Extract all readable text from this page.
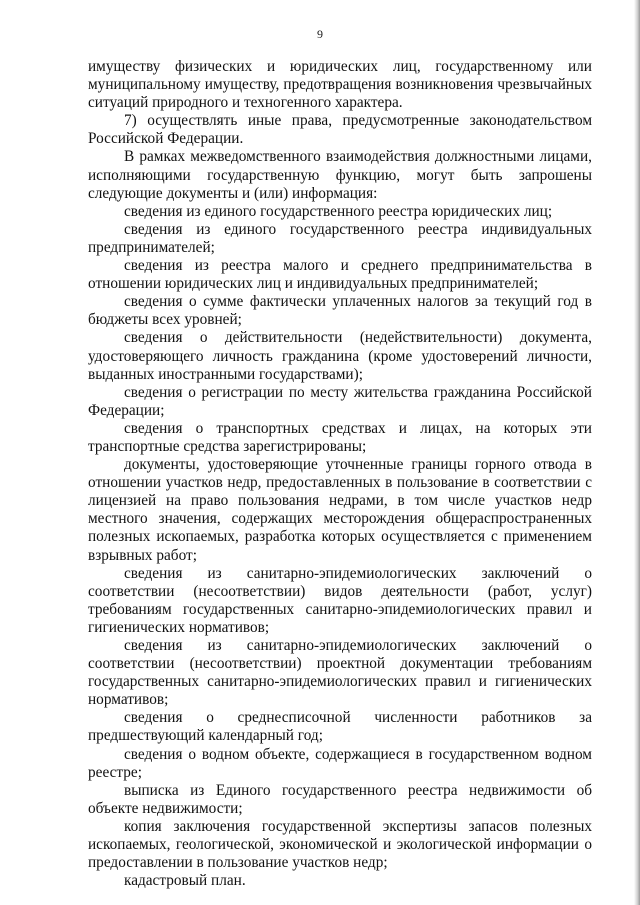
9

имуществу физических и юридических лиц, государственному или муниципальному имуществу, предотвращения возникновения чрезвычайных ситуаций природного и техногенного характера.

7) осуществлять иные права, предусмотренные законодательством Российской Федерации.

В рамках межведомственного взаимодействия должностными лицами, исполняющими государственную функцию, могут быть запрошены следующие документы и (или) информация:

сведения из единого государственного реестра юридических лиц;

сведения из единого государственного реестра индивидуальных предпринимателей;

сведения из реестра малого и среднего предпринимательства в отношении юридических лиц и индивидуальных предпринимателей;

сведения о сумме фактически уплаченных налогов за текущий год в бюджеты всех уровней;

сведения о действительности (недействительности) документа, удостоверяющего личность гражданина (кроме удостоверений личности, выданных иностранными государствами);

сведения о регистрации по месту жительства гражданина Российской Федерации;

сведения о транспортных средствах и лицах, на которых эти транспортные средства зарегистрированы;

документы, удостоверяющие уточненные границы горного отвода в отношении участков недр, предоставленных в пользование в соответствии с лицензией на право пользования недрами, в том числе участков недр местного значения, содержащих месторождения общераспространенных полезных ископаемых, разработка которых осуществляется с применением взрывных работ;

сведения из санитарно-эпидемиологических заключений о соответствии (несоответствии) видов деятельности (работ, услуг) требованиям государственных санитарно-эпидемиологических правил и гигиенических нормативов;

сведения из санитарно-эпидемиологических заключений о соответствии (несоответствии) проектной документации требованиям государственных санитарно-эпидемиологических правил и гигиенических нормативов;

сведения о среднесписочной численности работников за предшествующий календарный год;

сведения о водном объекте, содержащиеся в государственном водном реестре;

выписка из Единого государственного реестра недвижимости об объекте недвижимости;

копия заключения государственной экспертизы запасов полезных ископаемых, геологической, экономической и экологической информации о предоставлении в пользование участков недр;

кадастровый план.
